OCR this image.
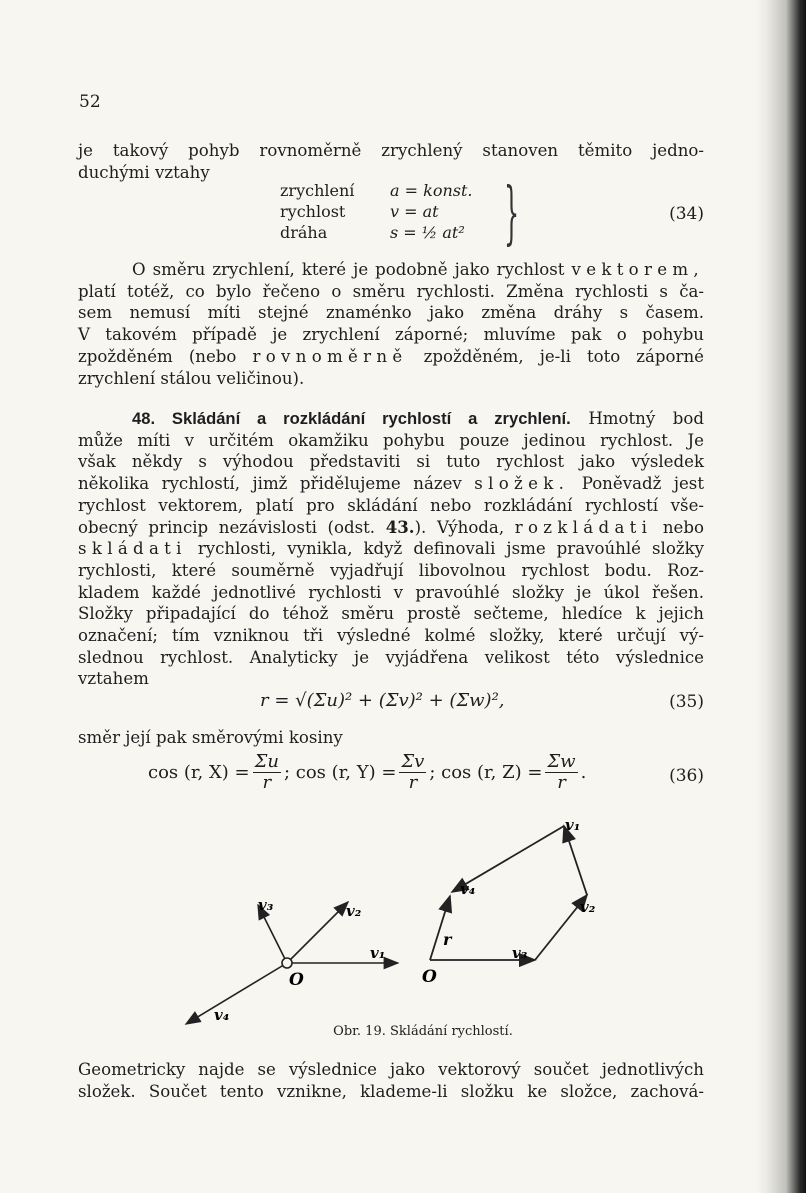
52
je takový pohyb rovnoměrně zrychlený stanoven těmito jedno-
duchými vztahy
zrychlení	a = konst.
rychlost	v = at
dráha	s = ½ at² }	(34)
O směru zrychlení, které je podobně jako rychlost vektorem,
platí totéž, co bylo řečeno o směru rychlosti. Změna rychlosti s ča-
sem nemusí míti stejné znaménko jako změna dráhy s časem.
V takovém případě je zrychlení záporné; mluvíme pak o pohybu
zpožděném (nebo rovnoměrně zpožděném, je-li toto záporné
zrychlení stálou veličinou).
48. Skládání a rozkládání rychlostí a zrychlení. Hmotný bod
může míti v určitém okamžiku pohybu pouze jedinou rychlost. Je
však někdy s výhodou představiti si tuto rychlost jako výsledek
několika rychlostí, jimž přidělujeme název složek. Poněvadž jest
rychlost vektorem, platí pro skládání nebo rozkládání rychlostí vše-
obecný princip nezávislosti (odst. 43.). Výhoda, rozkládati nebo
skládati rychlosti, vynikla, když definovali jsme pravoúhlé složky
rychlosti, které souměrně vyjadřují libovolnou rychlost bodu. Roz-
kladem každé jednotlivé rychlosti v pravoúhlé složky je úkol řešen.
Složky připadající do téhož směru prostě sečteme, hledíce k jejich
označení; tím vzniknou tři výsledné kolmé složky, které určují vý-
slednou rychlost. Analyticky je vyjádřena velikost této výslednice
vztahem
r = √(Σu)² + (Σv)² + (Σw)²,	(35)
směr její pak směrovými kosiny
cos (r, $X) = \frac{\Sigma u}{r}$ ; cos (r, $Y) = \frac{\Sigma v}{r}$ ; cos (r, $Z) = \frac{\Sigma w}{r}$ .	(36)
v₃	v₂
v₁
v₄
O
v₁
v₂
v₄
v₃
r
O
Obr. 19. Skládání rychlostí.
Geometricky najde se výslednice jako vektorový součet jednotlivých
složek. Součet tento vznikne, klademe-li složku ke složce, zachová-
